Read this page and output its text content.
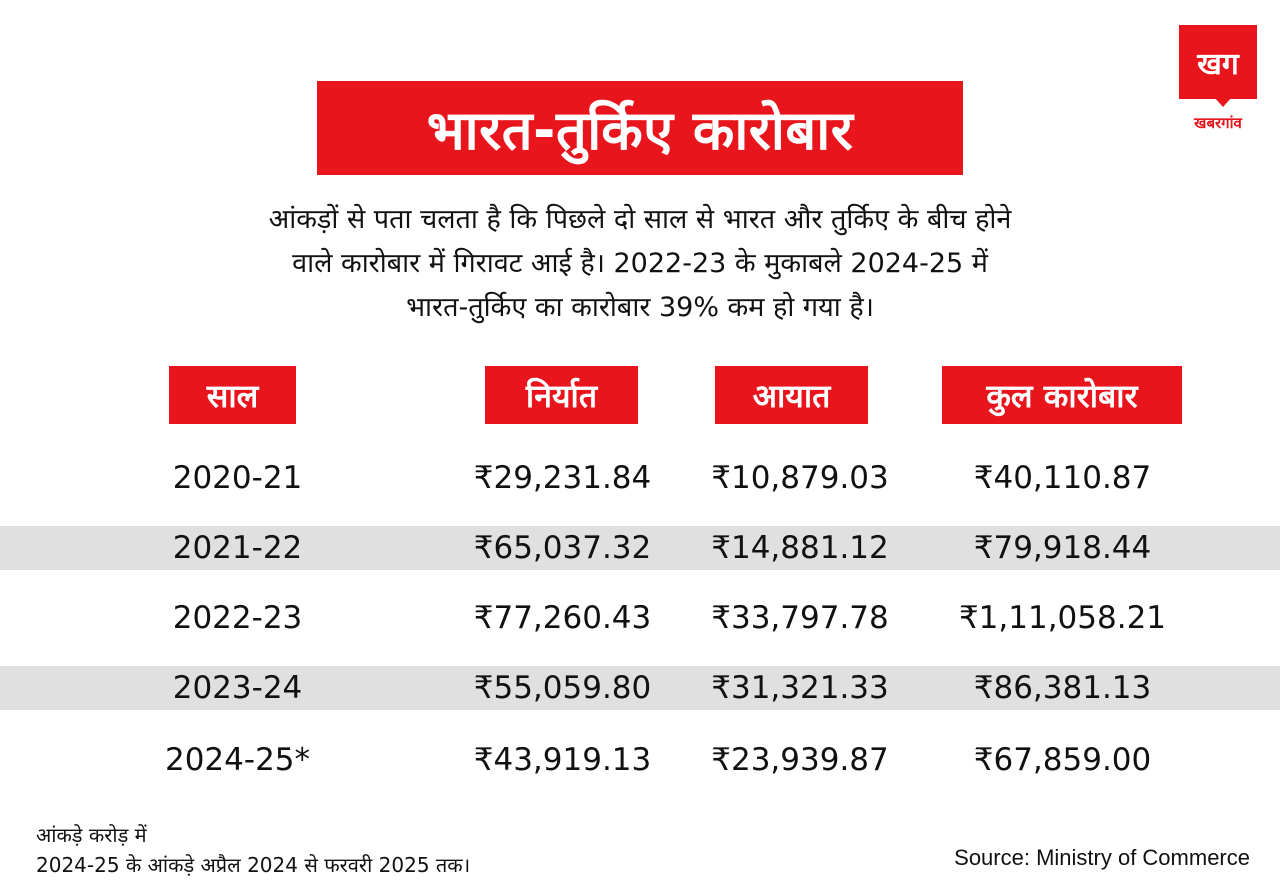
भारत-तुर्किए कारोबार
खग
खबरगांव
आंकड़ों से पता चलता है कि पिछले दो साल से भारत और तुर्किए के बीच होने
वाले कारोबार में गिरावट आई है। 2022-23 के मुकाबले 2024-25 में
भारत-तुर्किए का कारोबार 39% कम हो गया है।
साल	निर्यात	आयात	कुल कारोबार
2020-21	₹29,231.84	₹10,879.03	₹40,110.87
2021-22	₹65,037.32	₹14,881.12	₹79,918.44
2022-23	₹77,260.43	₹33,797.78	₹1,11,058.21
2023-24	₹55,059.80	₹31,321.33	₹86,381.13
2024-25*	₹43,919.13	₹23,939.87	₹67,859.00
आंकड़े करोड़ में
2024-25 के आंकड़े अप्रैल 2024 से फरवरी 2025 तक।	Source: Ministry of Commerce
